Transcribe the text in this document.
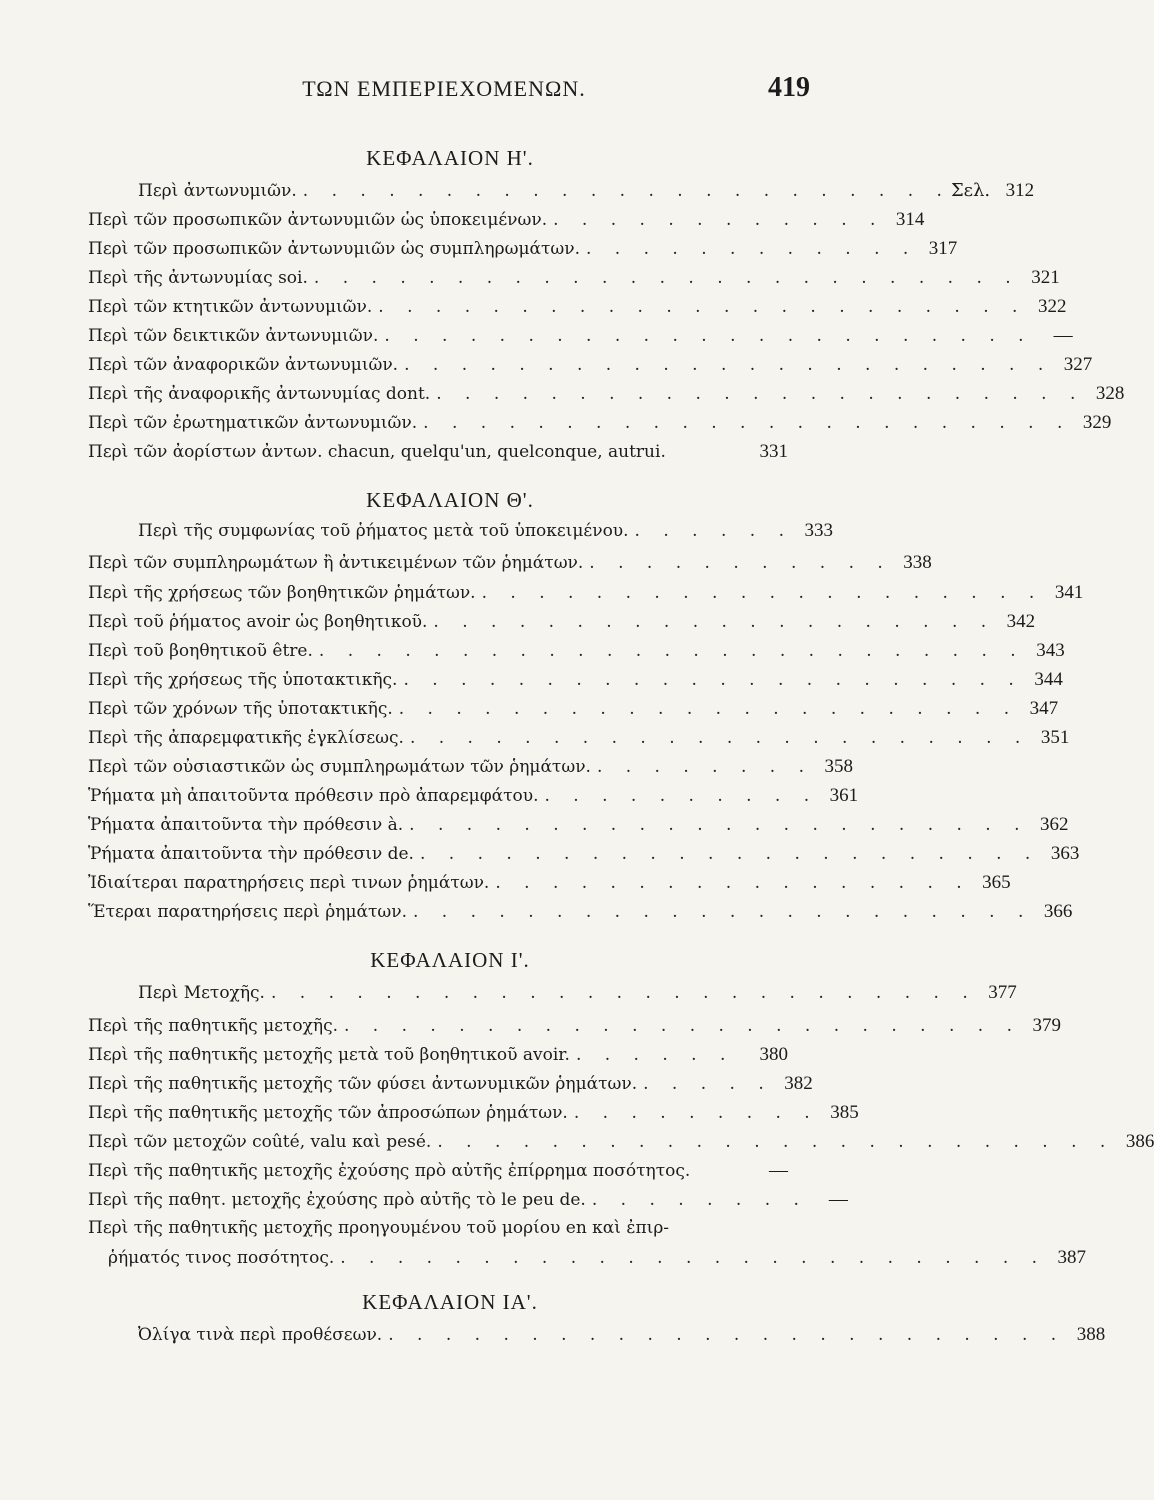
ΤΩΝ ΕΜΠΕΡΙΕΧΟΜΕΝΩΝ.	419
ΚΕΦΑΛΑΙΟΝ Η'.
Περὶ ἀντωνυμιῶν. . . . . . . . . . . . . . . . . . . . . . . . Σελ. 312
Περὶ τῶν προσωπικῶν ἀντωνυμιῶν ὡς ὑποκειμένων. . . . . . . . . . . . . 314
Περὶ τῶν προσωπικῶν ἀντωνυμιῶν ὡς συμπληρωμάτων. . . . . . . . . . . . . 317
Περὶ τῆς ἀντωνυμίας soi. . . . . . . . . . . . . . . . . . . . . . . . . . 321
Περὶ τῶν κτητικῶν ἀντωνυμιῶν. . . . . . . . . . . . . . . . . . . . . . . . 322
Περὶ τῶν δεικτικῶν ἀντωνυμιῶν. . . . . . . . . . . . . . . . . . . . . . . .	—
Περὶ τῶν ἀναφορικῶν ἀντωνυμιῶν. . . . . . . . . . . . . . . . . . . . . . . . 327
Περὶ τῆς ἀναφορικῆς ἀντωνυμίας dont. . . . . . . . . . . . . . . . . . . . . . . . 328
Περὶ τῶν ἐρωτηματικῶν ἀντωνυμιῶν. . . . . . . . . . . . . . . . . . . . . . . . 329
Περὶ τῶν ἀορίστων ἀντων. chacun, quelqu'un, quelconque, autrui.	331
ΚΕΦΑΛΑΙΟΝ Θ'.
Περὶ τῆς συμφωνίας τοῦ ῥήματος μετὰ τοῦ ὑποκειμένου. . . . . . . 333
Περὶ τῶν συμπληρωμάτων ἢ ἀντικειμένων τῶν ῥημάτων. . . . . . . . . . . . 338
Περὶ τῆς χρήσεως τῶν βοηθητικῶν ῥημάτων. . . . . . . . . . . . . . . . . . . . . 341
Περὶ τοῦ ῥήματος avoir ὡς βοηθητικοῦ. . . . . . . . . . . . . . . . . . . . . 342
Περὶ τοῦ βοηθητικοῦ être. . . . . . . . . . . . . . . . . . . . . . . . . . 343
Περὶ τῆς χρήσεως τῆς ὑποτακτικῆς. . . . . . . . . . . . . . . . . . . . . . . 344
Περὶ τῶν χρόνων τῆς ὑποτακτικῆς. . . . . . . . . . . . . . . . . . . . . . . 347
Περὶ τῆς ἀπαρεμφατικῆς ἐγκλίσεως. . . . . . . . . . . . . . . . . . . . . . . 351
Περὶ τῶν οὐσιαστικῶν ὡς συμπληρωμάτων τῶν ῥημάτων. . . . . . . . . 358
Ῥήματα μὴ ἀπαιτοῦντα πρόθεσιν πρὸ ἀπαρεμφάτου. . . . . . . . . . . 361
Ῥήματα ἀπαιτοῦντα τὴν πρόθεσιν à. . . . . . . . . . . . . . . . . . . . . . . 362
Ῥήματα ἀπαιτοῦντα τὴν πρόθεσιν de. . . . . . . . . . . . . . . . . . . . . . . 363
Ἰδιαίτεραι παρατηρήσεις περὶ τινων ῥημάτων. . . . . . . . . . . . . . . . . . 365
Ἕτεραι παρατηρήσεις περὶ ῥημάτων. . . . . . . . . . . . . . . . . . . . . . . 366
ΚΕΦΑΛΑΙΟΝ Ι'.
Περὶ Μετοχῆς. . . . . . . . . . . . . . . . . . . . . . . . . . 377
Περὶ τῆς παθητικῆς μετοχῆς. . . . . . . . . . . . . . . . . . . . . . . . . 379
Περὶ τῆς παθητικῆς μετοχῆς μετὰ τοῦ βοηθητικοῦ avoir. . . . . . .	380
Περὶ τῆς παθητικῆς μετοχῆς τῶν φύσει ἀντωνυμικῶν ῥημάτων. . . . . . 382
Περὶ τῆς παθητικῆς μετοχῆς τῶν ἀπροσώπων ῥημάτων. . . . . . . . . . 385
Περὶ τῶν μετοχῶν coûté, valu καὶ pesé. . . . . . . . . . . . . . . . . . . . . . . . . 386
Περὶ τῆς παθητικῆς μετοχῆς ἐχούσης πρὸ αὐτῆς ἐπίρρημα ποσότητος.	—
Περὶ τῆς παθητ. μετοχῆς ἐχούσης πρὸ αὐτῆς τὸ le peu de. . . . . . . . .	—
Περὶ τῆς παθητικῆς μετοχῆς προηγουμένου τοῦ μορίου en καὶ ἐπιρ-
ῥήματός τινος ποσότητος. . . . . . . . . . . . . . . . . . . . . . . . . . 387
ΚΕΦΑΛΑΙΟΝ ΙΑ'.
Ὀλίγα τινὰ περὶ προθέσεων. . . . . . . . . . . . . . . . . . . . . . . . . 388
